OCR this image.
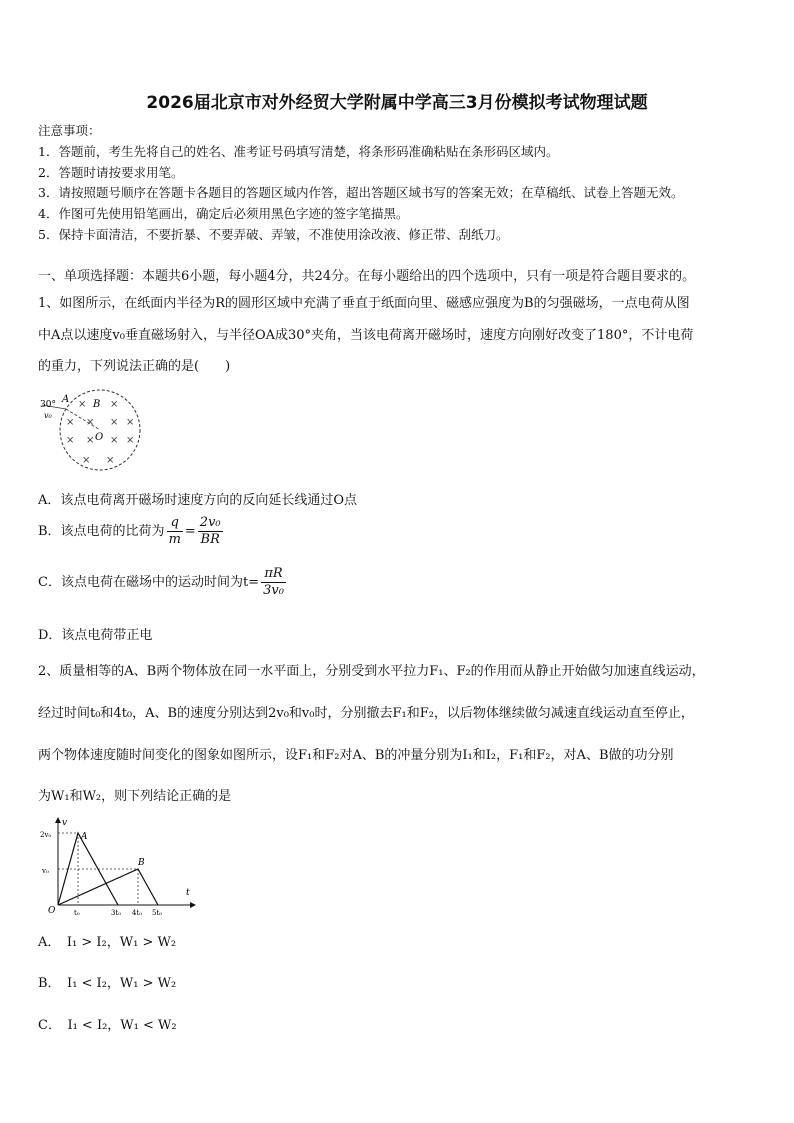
2026届北京市对外经贸大学附属中学高三3月份模拟考试物理试题
注意事项：
1．答题前，考生先将自己的姓名、准考证号码填写清楚，将条形码准确粘贴在条形码区域内。
2．答题时请按要求用笔。
3．请按照题号顺序在答题卡各题目的答题区域内作答，超出答题区域书写的答案无效；在草稿纸、试卷上答题无效。
4．作图可先使用铅笔画出，确定后必须用黑色字迹的签字笔描黑。
5．保持卡面清洁，不要折暴、不要弄破、弄皱，不准使用涂改液、修正带、刮纸刀。
一、单项选择题：本题共6小题，每小题4分，共24分。在每小题给出的四个选项中，只有一项是符合题目要求的。
1、如图所示，在纸面内半径为R的圆形区域中充满了垂直于纸面向里、磁感应强度为B的匀强磁场，一点电荷从图
中A点以速度v₀垂直磁场射入，与半径OA成30°夹角，当该电荷离开磁场时，速度方向刚好改变了180°，不计电荷
的重力，下列说法正确的是(　　)
30° A B
O
v₀
× ×
× × × ×
× × × ×
× ×
A．该点电荷离开磁场时速度方向的反向延长线通过O点
B．该点电荷的比荷为 $\frac{q}{m} = \frac{\text{2v₀}}{BR}$
C．该点电荷在磁场中的运动时间为$t= \frac{\pi R}{\text{3v₀}}$
D．该点电荷带正电
2、质量相等的A、B两个物体放在同一水平面上，分别受到水平拉力F₁、F₂的作用而从静止开始做匀加速直线运动，
经过时间t₀和4t₀，A、B的速度分别达到2v₀和v₀时，分别撤去F₁和F₂，以后物体继续做匀减速直线运动直至停止，
两个物体速度随时间变化的图象如图所示，设F₁和F₂对A、B的冲量分别为I₁和I₂，F₁和F₂，对A、B做的功分别
为W₁和W₂，则下列结论正确的是
v
t
O
2v₀
v₀
A
B
t₀	3t₀ 4t₀ 5t₀
A．　I₁ > I₂，W₁ > W₂
B．　I₁ < I₂，W₁ > W₂
C．　I₁ < I₂，W₁ < W₂
